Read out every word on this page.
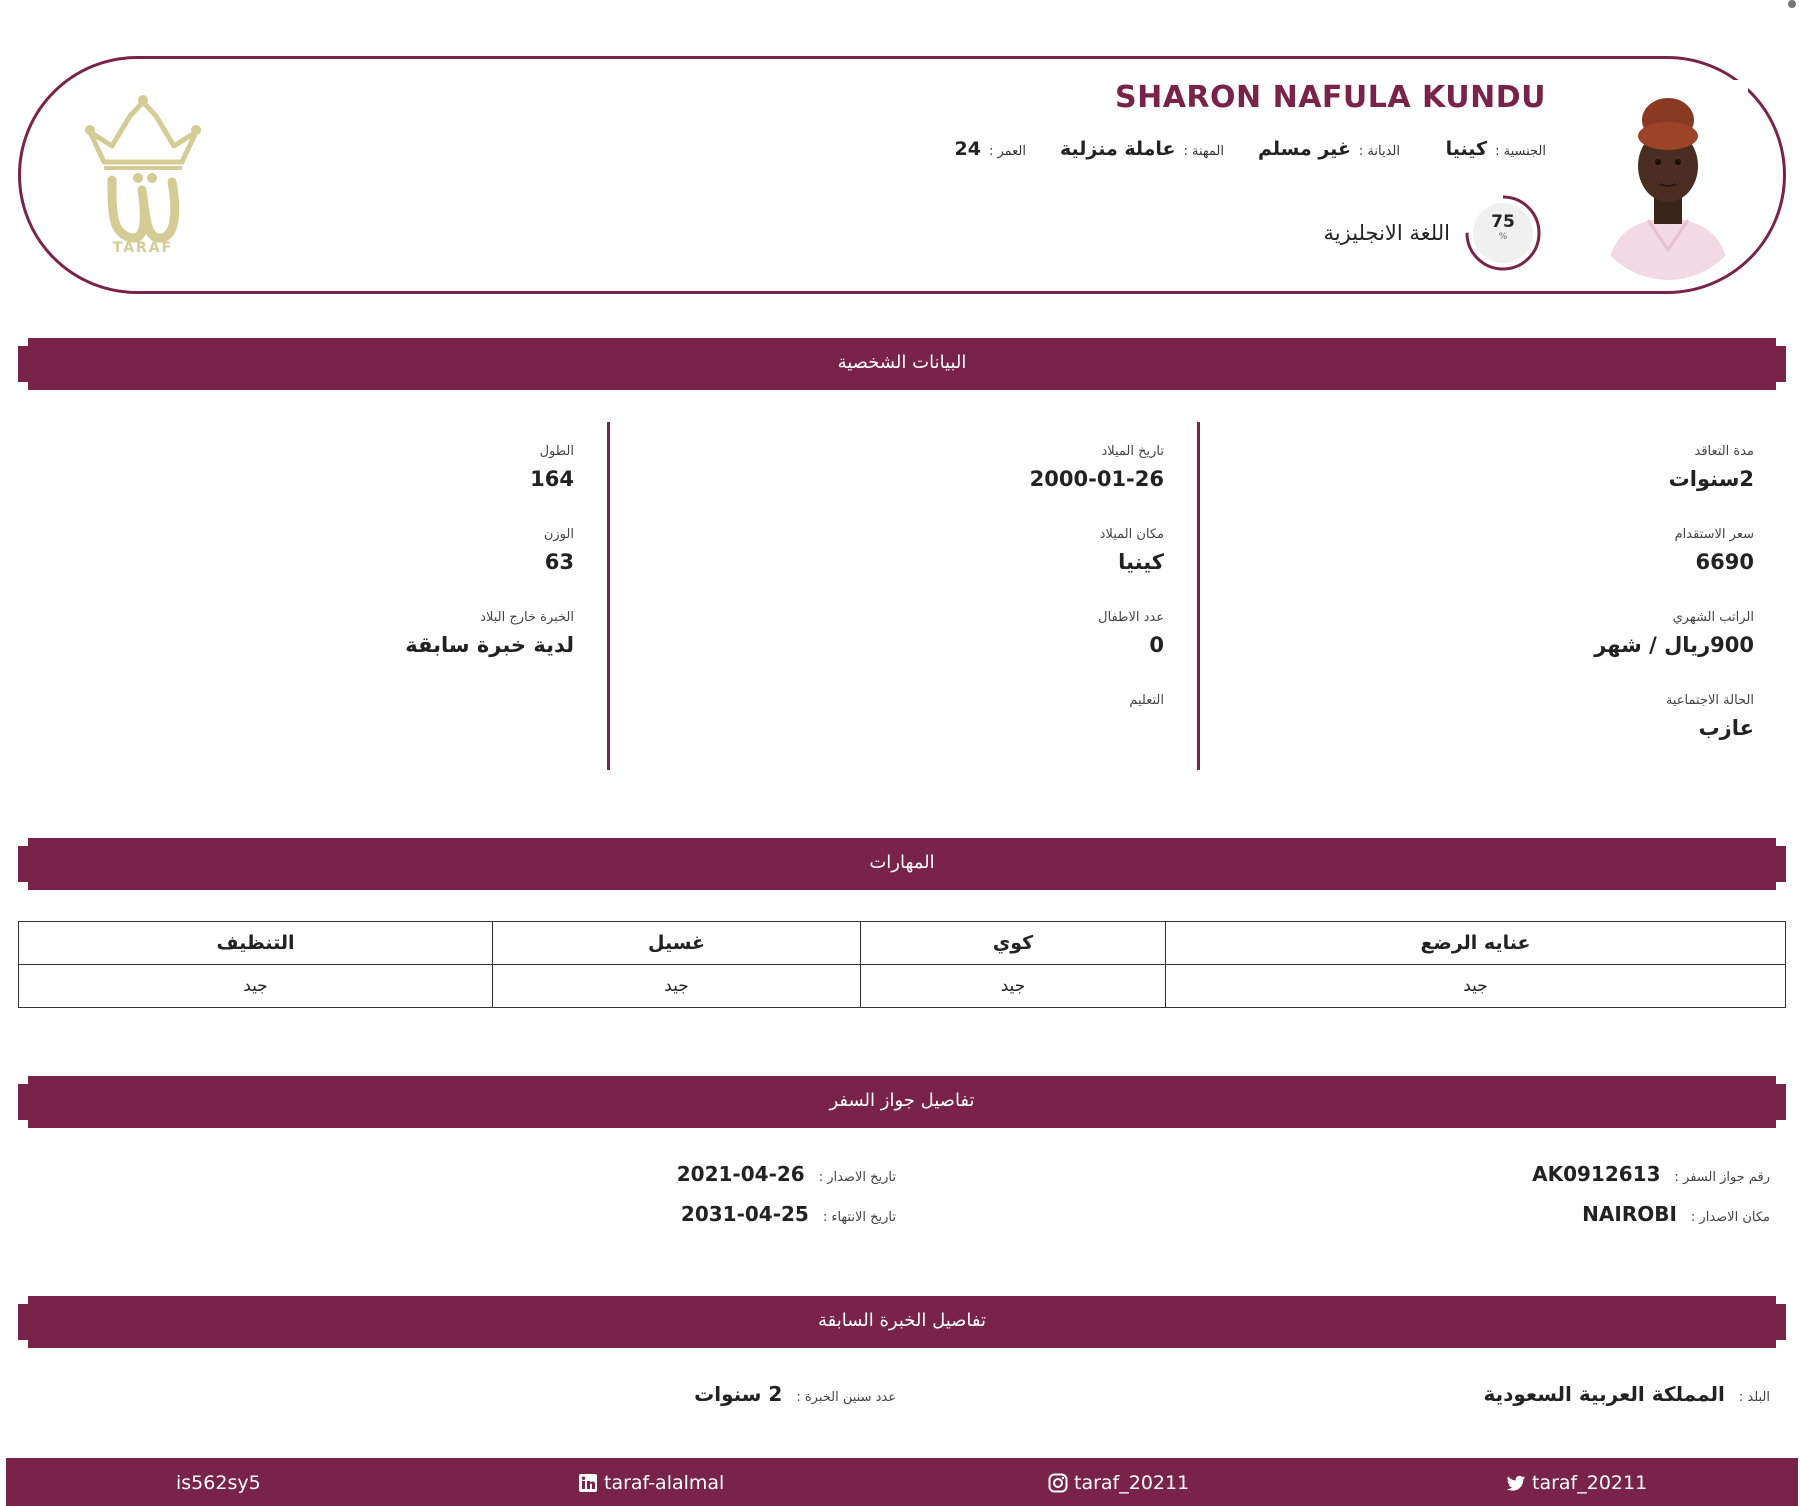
SHARON NAFULA KUNDU
الجنسية :
كينيا
الديانة :
غير مسلم
المهنة :
عاملة منزلية
العمر :
24
75
%
اللغة الانجليزية
TARAF
البيانات الشخصية
مدة التعاقد
2سنوات
سعر الاستقدام
6690
الراتب الشهري
900ريال / شهر
الحالة الاجتماعية
عازب
تاريخ الميلاد
2000-01-26
مكان الميلاد
كينيا
عدد الاطفال
0
التعليم
الطول
164
الوزن
63
الخبرة خارج البلاد
لدية خبرة سابقة
المهارات
عنايه الرضع	كوي	غسيل	التنظيف
جيد	جيد	جيد	جيد
تفاصيل جواز السفر
رقم جواز السفر :
AK0912613
مكان الاصدار :
NAIROBI
تاريخ الاصدار :
2021-04-26
تاريخ الانتهاء :
2031-04-25
تفاصيل الخبرة السابقة
البلد :
المملكة العربية السعودية
عدد سنين الخبرة :
2 سنوات
is562sy5	taraf-alalmal	taraf_20211	taraf_20211
